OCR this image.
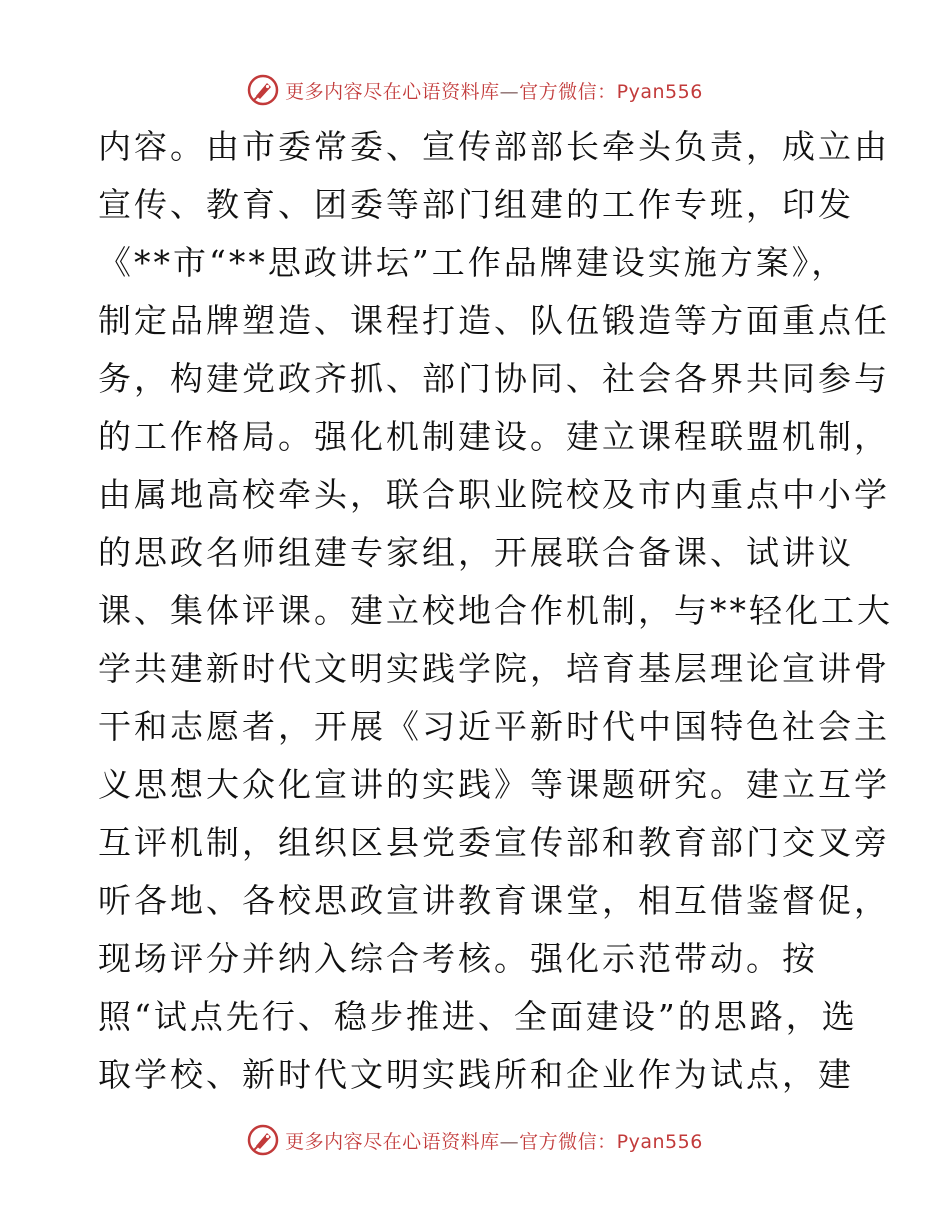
更多内容尽在心语资料库—官方微信：Pyan556
内容。由市委常委、宣传部部长牵头负责，成立由
宣传、教育、团委等部门组建的工作专班，印发
《**市“**思政讲坛”工作品牌建设实施方案》，
制定品牌塑造、课程打造、队伍锻造等方面重点任
务，构建党政齐抓、部门协同、社会各界共同参与
的工作格局。强化机制建设。建立课程联盟机制，
由属地高校牵头，联合职业院校及市内重点中小学
的思政名师组建专家组，开展联合备课、试讲议
课、集体评课。建立校地合作机制，与**轻化工大
学共建新时代文明实践学院，培育基层理论宣讲骨
干和志愿者，开展《习近平新时代中国特色社会主
义思想大众化宣讲的实践》等课题研究。建立互学
互评机制，组织区县党委宣传部和教育部门交叉旁
听各地、各校思政宣讲教育课堂，相互借鉴督促，
现场评分并纳入综合考核。强化示范带动。按
照“试点先行、稳步推进、全面建设”的思路，选
取学校、新时代文明实践所和企业作为试点，建
更多内容尽在心语资料库—官方微信：Pyan556
